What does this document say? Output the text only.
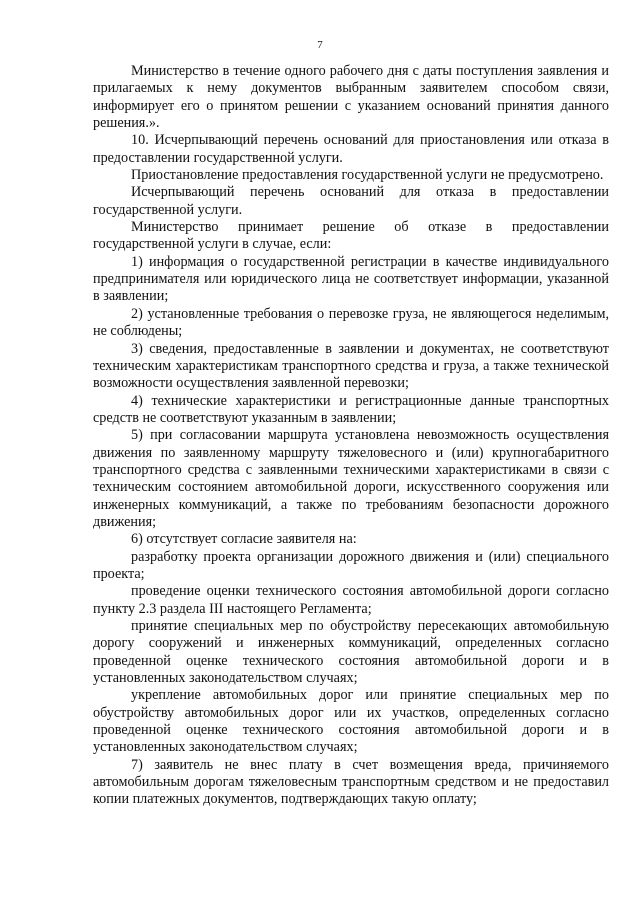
7

Министерство в течение одного рабочего дня с даты поступления заявления и прилагаемых к нему документов выбранным заявителем способом связи, информирует его о принятом решении с указанием оснований принятия данного решения.».

10. Исчерпывающий перечень оснований для приостановления или отказа в предоставлении государственной услуги.

Приостановление предоставления государственной услуги не предусмотрено.

Исчерпывающий перечень оснований для отказа в предоставлении государственной услуги.

Министерство принимает решение об отказе в предоставлении государственной услуги в случае, если:

1) информация о государственной регистрации в качестве индивидуального предпринимателя или юридического лица не соответствует информации, указанной в заявлении;

2) установленные требования о перевозке груза, не являющегося неделимым, не соблюдены;

3) сведения, предоставленные в заявлении и документах, не соответствуют техническим характеристикам транспортного средства и груза, а также технической возможности осуществления заявленной перевозки;

4) технические характеристики и регистрационные данные транспортных средств не соответствуют указанным в заявлении;

5) при согласовании маршрута установлена невозможность осуществления движения по заявленному маршруту тяжеловесного и (или) крупногабаритного транспортного средства с заявленными техническими характеристиками в связи с техническим состоянием автомобильной дороги, искусственного сооружения или инженерных коммуникаций, а также по требованиям безопасности дорожного движения;

6) отсутствует согласие заявителя на:

разработку проекта организации дорожного движения и (или) специального проекта;

проведение оценки технического состояния автомобильной дороги согласно пункту 2.3 раздела III настоящего Регламента;

принятие специальных мер по обустройству пересекающих автомобильную дорогу сооружений и инженерных коммуникаций, определенных согласно проведенной оценке технического состояния автомобильной дороги и в установленных законодательством случаях;

укрепление автомобильных дорог или принятие специальных мер по обустройству автомобильных дорог или их участков, определенных согласно проведенной оценке технического состояния автомобильной дороги и в установленных законодательством случаях;

7) заявитель не внес плату в счет возмещения вреда, причиняемого автомобильным дорогам тяжеловесным транспортным средством и не предоставил копии платежных документов, подтверждающих такую оплату;
